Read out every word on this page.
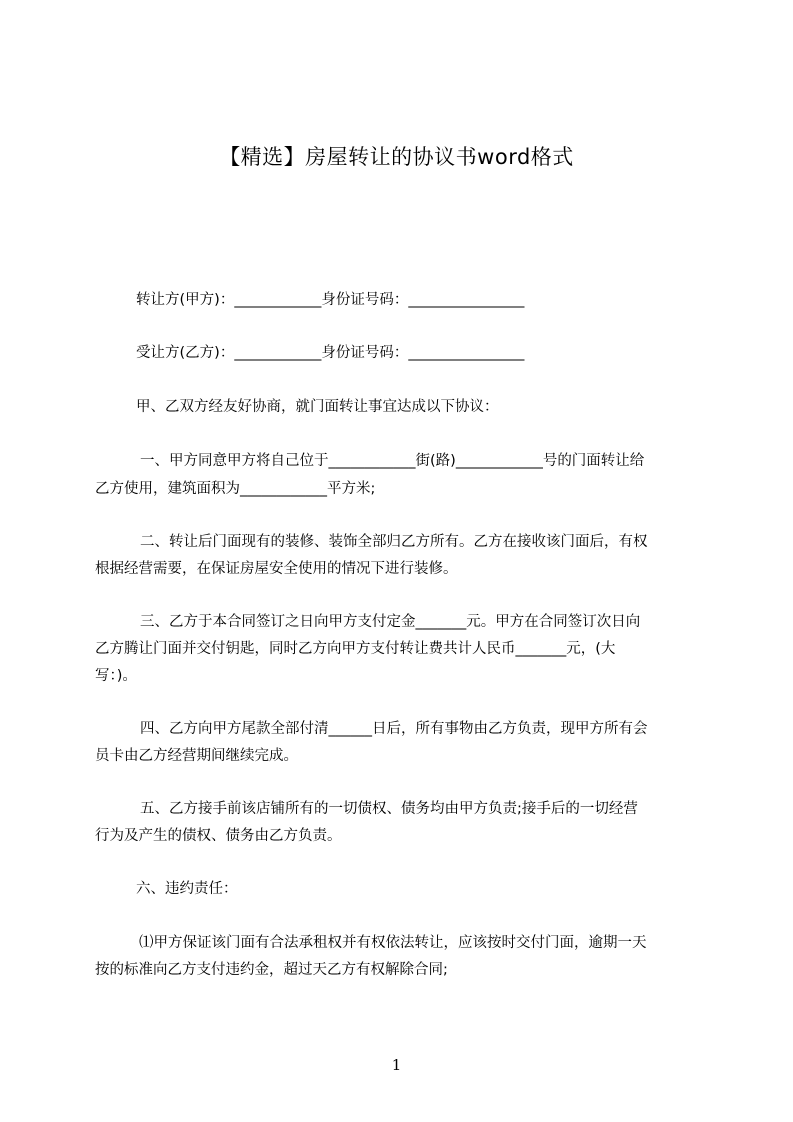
【精选】房屋转让的协议书word格式
转让方(甲方)：____________身份证号码：________________
受让方(乙方)：____________身份证号码：________________
甲、乙双方经友好协商，就门面转让事宜达成以下协议：
一、甲方同意甲方将自己位于____________街(路)____________号的门面转让给
乙方使用，建筑面积为____________平方米;
二、转让后门面现有的装修、装饰全部归乙方所有。乙方在接收该门面后，有权
根据经营需要，在保证房屋安全使用的情况下进行装修。
三、乙方于本合同签订之日向甲方支付定金_______元。甲方在合同签订次日向
乙方腾让门面并交付钥匙，同时乙方向甲方支付转让费共计人民币_______元，(大
写：)。
四、乙方向甲方尾款全部付清______日后，所有事物由乙方负责，现甲方所有会
员卡由乙方经营期间继续完成。
五、乙方接手前该店铺所有的一切债权、债务均由甲方负责;接手后的一切经营
行为及产生的债权、债务由乙方负责。
六、违约责任：
⑴甲方保证该门面有合法承租权并有权依法转让，应该按时交付门面，逾期一天
按的标准向乙方支付违约金，超过天乙方有权解除合同;
1
